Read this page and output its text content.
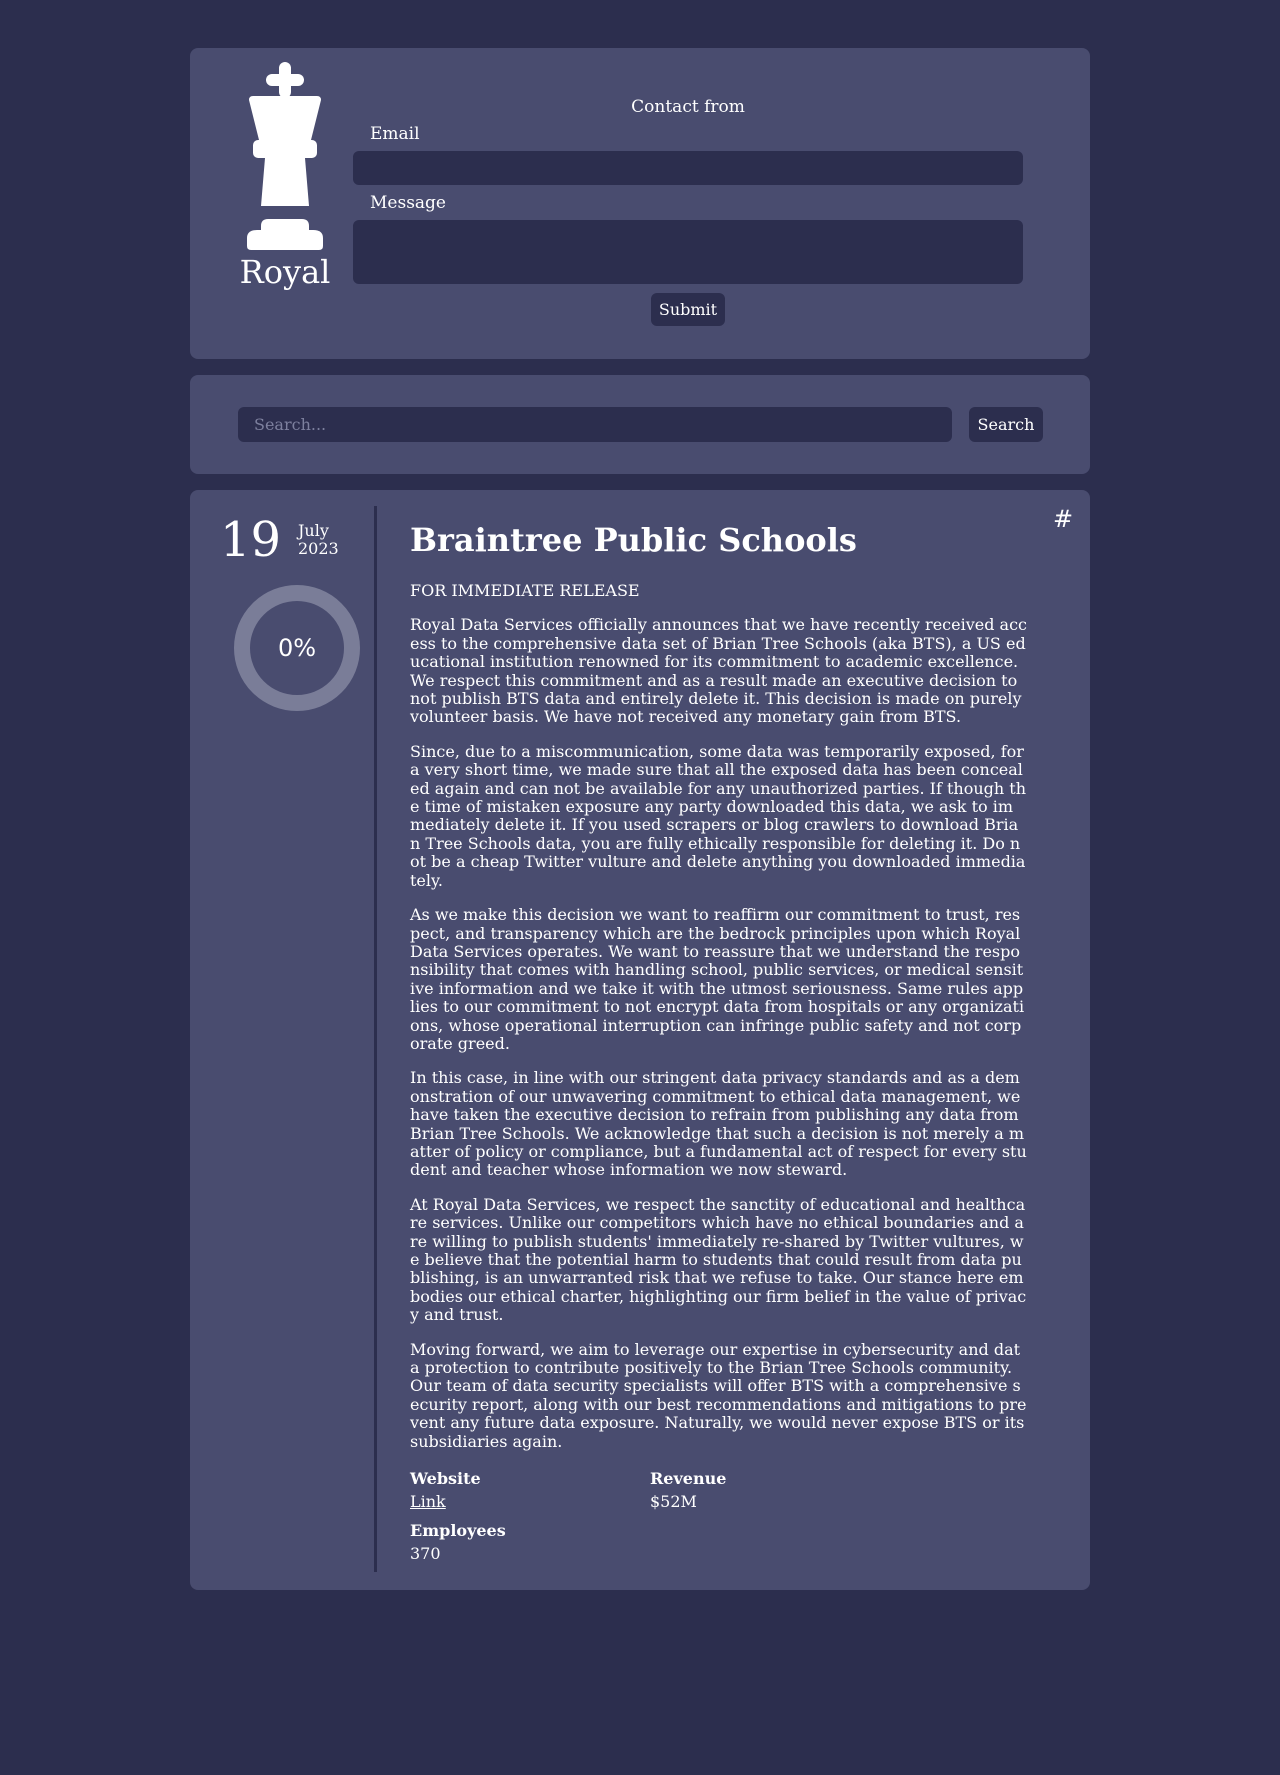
Royal
Contact from
Email
Message
Submit
Search...
Search
19 July
2023
0%
#
Braintree Public Schools

FOR IMMEDIATE RELEASE

Royal Data Services officially announces that we have recently received access to the comprehensive data set of Brian Tree Schools (aka BTS), a US educational institution renowned for its commitment to academic excellence. We respect this commitment and as a result made an executive decision to not publish BTS data and entirely delete it. This decision is made on purely volunteer basis. We have not received any monetary gain from BTS.

Since, due to a miscommunication, some data was temporarily exposed, for a very short time, we made sure that all the exposed data has been concealed again and can not be available for any unauthorized parties. If though the time of mistaken exposure any party downloaded this data, we ask to immediately delete it. If you used scrapers or blog crawlers to download Brian Tree Schools data, you are fully ethically responsible for deleting it. Do not be a cheap Twitter vulture and delete anything you downloaded immediately.

As we make this decision we want to reaffirm our commitment to trust, respect, and transparency which are the bedrock principles upon which Royal Data Services operates. We want to reassure that we understand the responsibility that comes with handling school, public services, or medical sensitive information and we take it with the utmost seriousness. Same rules applies to our commitment to not encrypt data from hospitals or any organizations, whose operational interruption can infringe public safety and not corporate greed.

In this case, in line with our stringent data privacy standards and as a demonstration of our unwavering commitment to ethical data management, we have taken the executive decision to refrain from publishing any data from Brian Tree Schools. We acknowledge that such a decision is not merely a matter of policy or compliance, but a fundamental act of respect for every student and teacher whose information we now steward.

At Royal Data Services, we respect the sanctity of educational and healthcare services. Unlike our competitors which have no ethical boundaries and are willing to publish students' immediately re-shared by Twitter vultures, we believe that the potential harm to students that could result from data publishing, is an unwarranted risk that we refuse to take. Our stance here embodies our ethical charter, highlighting our firm belief in the value of privacy and trust.

Moving forward, we aim to leverage our expertise in cybersecurity and data protection to contribute positively to the Brian Tree Schools community. Our team of data security specialists will offer BTS with a comprehensive security report, along with our best recommendations and mitigations to prevent any future data exposure. Naturally, we would never expose BTS or its subsidiaries again.

Website
Link
Revenue
$52M
Employees
370
